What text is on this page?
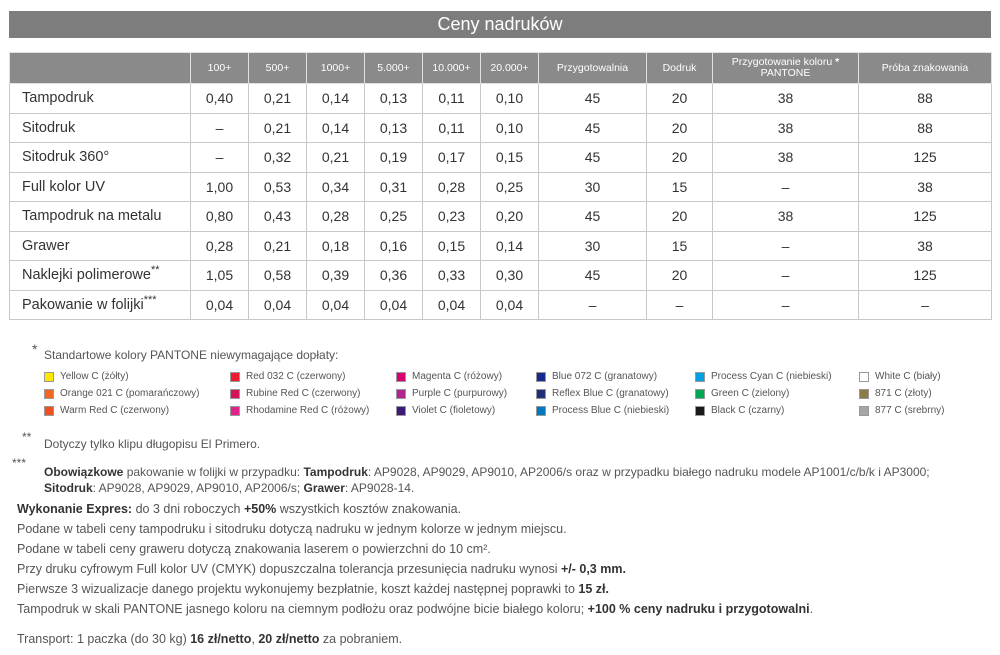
Ceny nadruków
	100+	500+	1000+	5.000+	10.000+	20.000+	Przygotowalnia	Dodruk	Przygotowanie koloru *
PANTONE	Próba znakowania
Tampodruk	0,40	0,21	0,14	0,13	0,11	0,10	45	20	38	88
Sitodruk	–	0,21	0,14	0,13	0,11	0,10	45	20	38	88
Sitodruk 360°	–	0,32	0,21	0,19	0,17	0,15	45	20	38	125
Full kolor UV	1,00	0,53	0,34	0,31	0,28	0,25	30	15	–	38
Tampodruk na metalu	0,80	0,43	0,28	0,25	0,23	0,20	45	20	38	125
Grawer	0,28	0,21	0,18	0,16	0,15	0,14	30	15	–	38
Naklejki polimerowe**	1,05	0,58	0,39	0,36	0,33	0,30	45	20	–	125
Pakowanie w folijki***	0,04	0,04	0,04	0,04	0,04	0,04	–	–	–	–
* Standartowe kolory PANTONE niewymagające dopłaty:
Yellow C (żółty)
Orange 021 C (pomarańczowy)
Warm Red C (czerwony)
Red 032 C (czerwony)
Rubine Red C (czerwony)
Rhodamine Red C (różowy)
Magenta C (różowy)
Purple C (purpurowy)
Violet C (fioletowy)
Blue 072 C (granatowy)
Reflex Blue C (granatowy)
Process Blue C (niebieski)
Process Cyan C (niebieski)
Green C (zielony)
Black C (czarny)
White C (biały)
871 C (złoty)
877 C (srebrny)
** Dotyczy tylko klipu długopisu El Primero.
***
Obowiązkowe pakowanie w folijki w przypadku: Tampodruk: AP9028, AP9029, AP9010, AP2006/s oraz w przypadku białego nadruku modele AP1001/c/b/k i AP3000;
Sitodruk: AP9028, AP9029, AP9010, AP2006/s; Grawer: AP9028-14.
Wykonanie Expres: do 3 dni roboczych +50% wszystkich kosztów znakowania.
Podane w tabeli ceny tampodruku i sitodruku dotyczą nadruku w jednym kolorze w jednym miejscu.
Podane w tabeli ceny graweru dotyczą znakowania laserem o powierzchni do 10 cm².
Przy druku cyfrowym Full kolor UV (CMYK) dopuszczalna tolerancja przesunięcia nadruku wynosi +/- 0,3 mm.
Pierwsze 3 wizualizacje danego projektu wykonujemy bezpłatnie, koszt każdej następnej poprawki to 15 zł.
Tampodruk w skali PANTONE jasnego koloru na ciemnym podłożu oraz podwójne bicie białego koloru; +100 % ceny nadruku i przygotowalni.
Transport: 1 paczka (do 30 kg) 16 zł/netto, 20 zł/netto za pobraniem.
